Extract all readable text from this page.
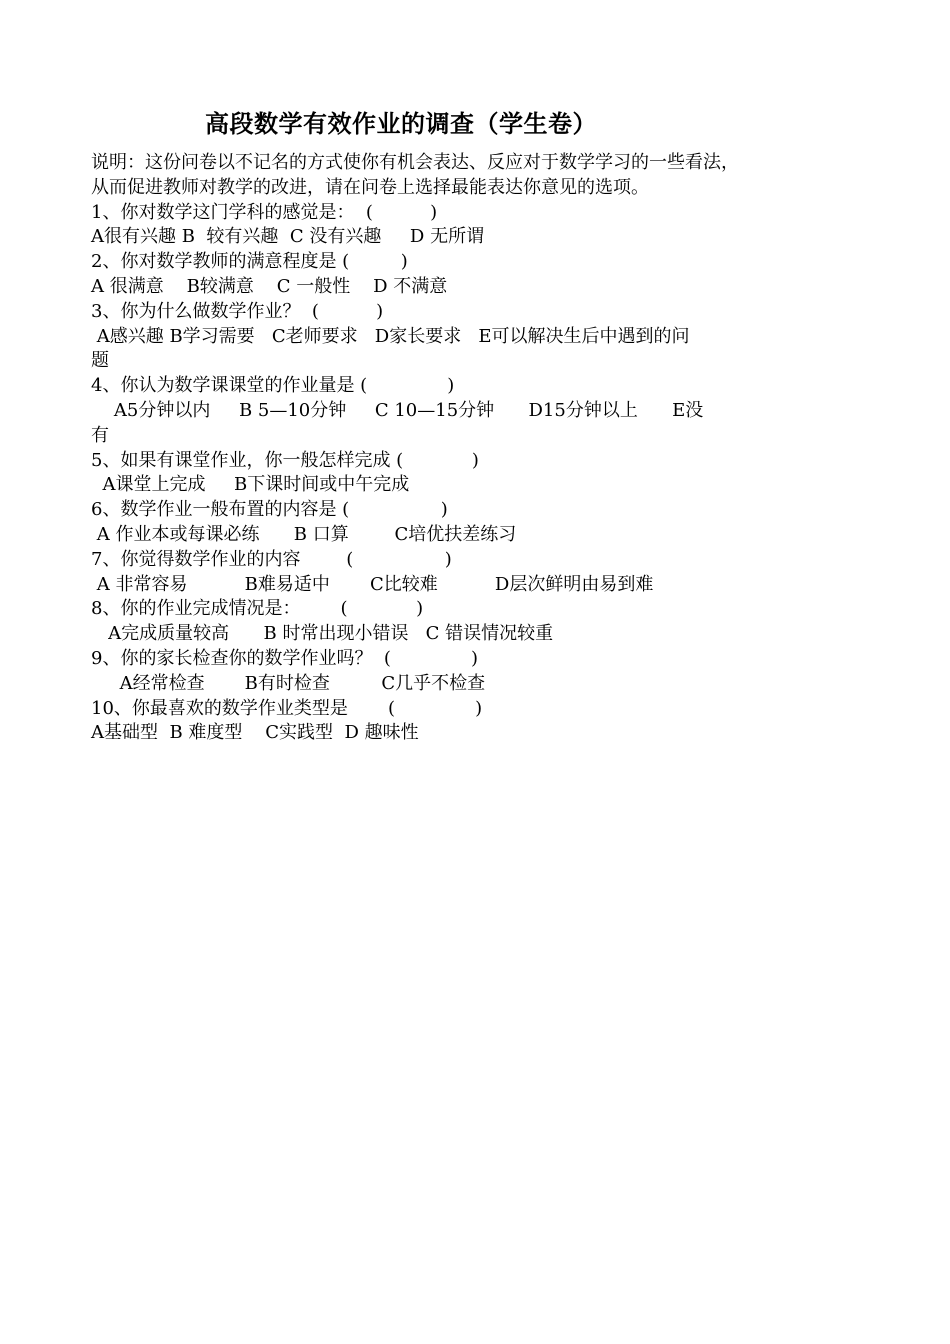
高段数学有效作业的调查（学生卷）
说明：这份问卷以不记名的方式使你有机会表达、反应对于数学学习的一些看法，
从而促进教师对教学的改进，请在问卷上选择最能表达你意见的选项。
1、你对数学这门学科的感觉是：  (          )
A很有兴趣 B  较有兴趣  C 没有兴趣     D 无所谓
2、你对数学教师的满意程度是 (         )
A 很满意    B较满意    C 一般性    D 不满意
3、你为什么做数学作业？  (          )
A感兴趣 B学习需要   C老师要求   D家长要求   E可以解决生后中遇到的问
题
4、你认为数学课课堂的作业量是 (              )
A5分钟以内     B 5—10分钟     C 10—15分钟      D15分钟以上      E没
有
5、如果有课堂作业，你一般怎样完成 (            )
A课堂上完成     B下课时间或中午完成
6、数学作业一般布置的内容是 (                )
A 作业本或每课必练      B 口算        C培优扶差练习
7、你觉得数学作业的内容        (                )
A 非常容易          B难易适中       C比较难          D层次鲜明由易到难
8、你的作业完成情况是：       (            )
A完成质量较高      B 时常出现小错误   C 错误情况较重
9、你的家长检查你的数学作业吗？  (              )
A经常检查       B有时检查         C几乎不检查
10、你最喜欢的数学作业类型是       (              )
A基础型  B 难度型    C实践型  D 趣味性
